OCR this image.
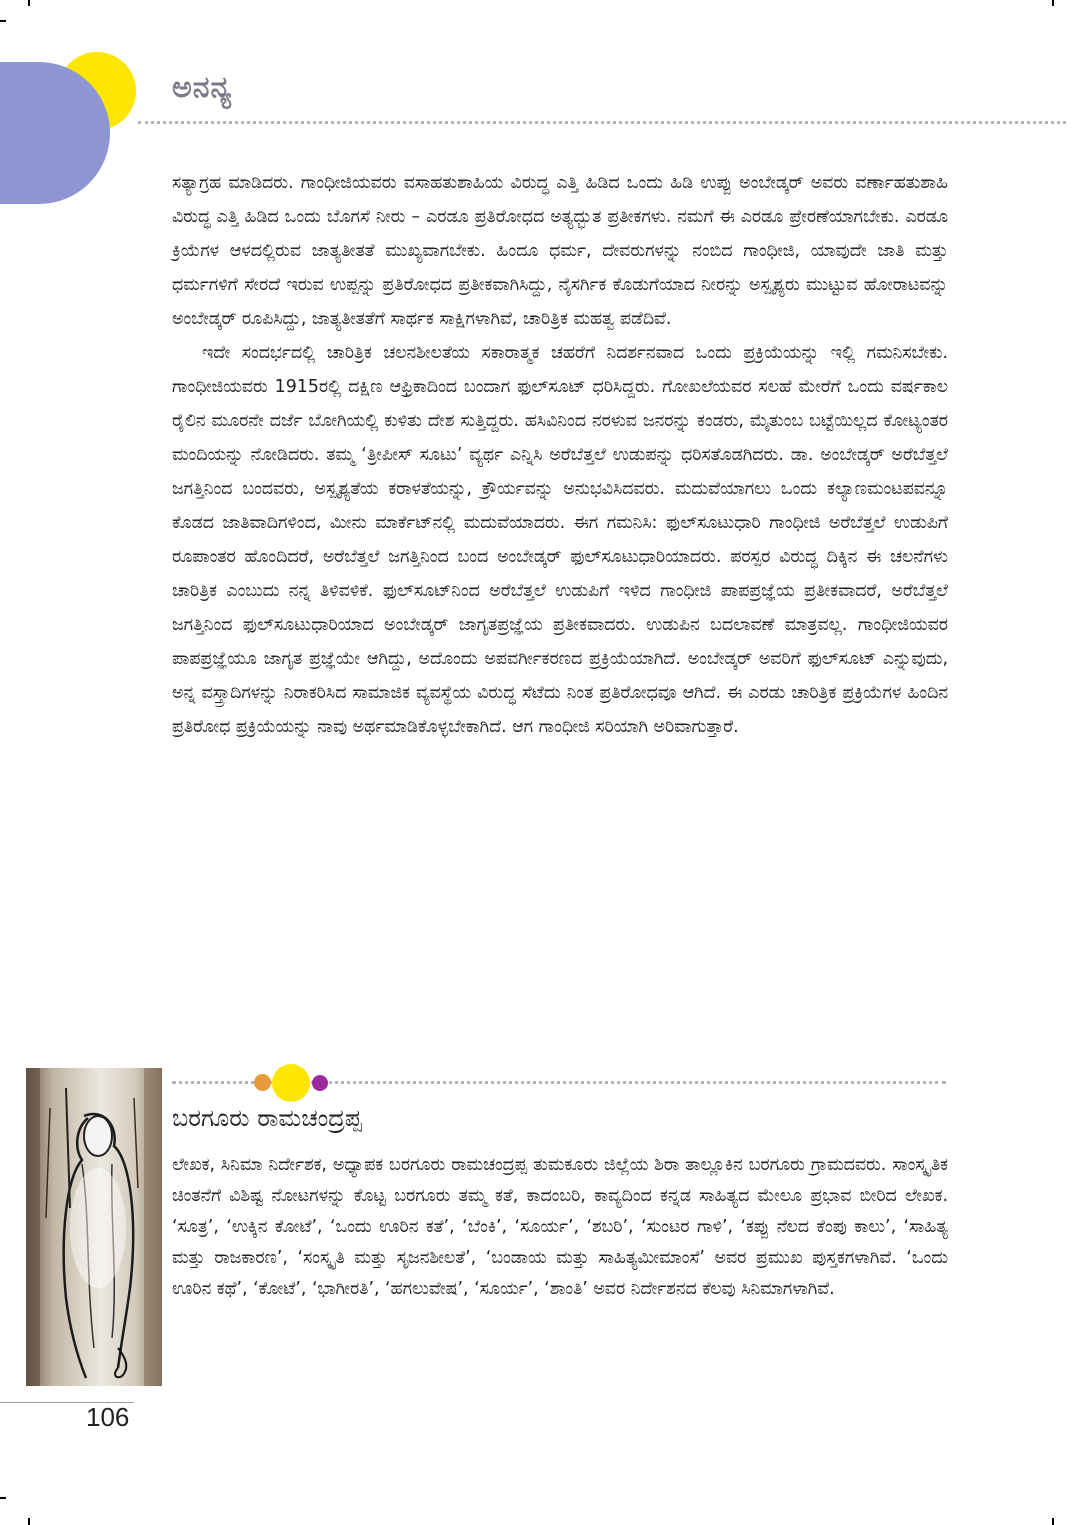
ಅನನ್ಯ

ಸತ್ಯಾಗ್ರಹ ಮಾಡಿದರು. ಗಾಂಧೀಜಿಯವರು ವಸಾಹತುಶಾಹಿಯ ವಿರುದ್ಧ ಎತ್ತಿ ಹಿಡಿದ ಒಂದು ಹಿಡಿ ಉಪ್ಪು ಅಂಬೇಡ್ಕರ್ ಅವರು ವರ್ಣಾಹತುಶಾಹಿ ವಿರುದ್ಧ ಎತ್ತಿ ಹಿಡಿದ ಒಂದು ಬೊಗಸೆ ನೀರು – ಎರಡೂ ಪ್ರತಿರೋಧದ ಅತ್ಯದ್ಭುತ ಪ್ರತೀಕಗಳು. ನಮಗೆ ಈ ಎರಡೂ ಪ್ರೇರಣೆಯಾಗಬೇಕು. ಎರಡೂ ಕ್ರಿಯೆಗಳ ಆಳದಲ್ಲಿರುವ ಜಾತ್ಯತೀತತೆ ಮುಖ್ಯವಾಗಬೇಕು. ಹಿಂದೂ ಧರ್ಮ, ದೇವರುಗಳನ್ನು ನಂಬಿದ ಗಾಂಧೀಜಿ, ಯಾವುದೇ ಜಾತಿ ಮತ್ತು ಧರ್ಮಗಳಿಗೆ ಸೇರದೆ ಇರುವ ಉಪ್ಪನ್ನು ಪ್ರತಿರೋಧದ ಪ್ರತೀಕವಾಗಿಸಿದ್ದು, ನೈಸರ್ಗಿಕ ಕೊಡುಗೆಯಾದ ನೀರನ್ನು ಅಸ್ಪೃಶ್ಯರು ಮುಟ್ಟುವ ಹೋರಾಟವನ್ನು ಅಂಬೇಡ್ಕರ್ ರೂಪಿಸಿದ್ದು, ಜಾತ್ಯತೀತತೆಗೆ ಸಾರ್ಥಕ ಸಾಕ್ಷಿಗಳಾಗಿವೆ, ಚಾರಿತ್ರಿಕ ಮಹತ್ವ ಪಡೆದಿವೆ.

ಇದೇ ಸಂದರ್ಭದಲ್ಲಿ ಚಾರಿತ್ರಿಕ ಚಲನಶೀಲತೆಯ ಸಕಾರಾತ್ಮಕ ಚಹರೆಗೆ ನಿದರ್ಶನವಾದ ಒಂದು ಪ್ರಕ್ರಿಯೆಯನ್ನು ಇಲ್ಲಿ ಗಮನಿಸಬೇಕು. ಗಾಂಧೀಜಿಯವರು 1915ರಲ್ಲಿ ದಕ್ಷಿಣ ಆಫ್ರಿಕಾದಿಂದ ಬಂದಾಗ ಫುಲ್‌ಸೂಟ್ ಧರಿಸಿದ್ದರು. ಗೋಖಲೆಯವರ ಸಲಹೆ ಮೇರೆಗೆ ಒಂದು ವರ್ಷಕಾಲ ರೈಲಿನ ಮೂರನೇ ದರ್ಜೆ ಬೋಗಿಯಲ್ಲಿ ಕುಳಿತು ದೇಶ ಸುತ್ತಿದ್ದರು. ಹಸಿವಿನಿಂದ ನರಳುವ ಜನರನ್ನು ಕಂಡರು, ಮೈತುಂಬ ಬಟ್ಟೆಯಿಲ್ಲದ ಕೋಟ್ಯಂತರ ಮಂದಿಯನ್ನು ನೋಡಿದರು. ತಮ್ಮ ‘ತ್ರೀಪೀಸ್ ಸೂಟು’ ವ್ಯರ್ಥ ಎನ್ನಿಸಿ ಅರೆಬೆತ್ತಲೆ ಉಡುಪನ್ನು ಧರಿಸತೊಡಗಿದರು. ಡಾ. ಅಂಬೇಡ್ಕರ್ ಅರೆಬೆತ್ತಲೆ ಜಗತ್ತಿನಿಂದ ಬಂದವರು, ಅಸ್ಪೃಶ್ಯತೆಯ ಕರಾಳತೆಯನ್ನು, ಕ್ರೌರ್ಯವನ್ನು ಅನುಭವಿಸಿದವರು. ಮದುವೆಯಾಗಲು ಒಂದು ಕಲ್ಯಾಣಮಂಟಪವನ್ನೂ ಕೊಡದ ಜಾತಿವಾದಿಗಳಿಂದ, ಮೀನು ಮಾರ್ಕೆಟ್‌ನಲ್ಲಿ ಮದುವೆಯಾದರು. ಈಗ ಗಮನಿಸಿ: ಫುಲ್‌ಸೂಟುಧಾರಿ ಗಾಂಧೀಜಿ ಅರೆಬೆತ್ತಲೆ ಉಡುಪಿಗೆ ರೂಪಾಂತರ ಹೊಂದಿದರೆ, ಅರೆಬೆತ್ತಲೆ ಜಗತ್ತಿನಿಂದ ಬಂದ ಅಂಬೇಡ್ಕರ್ ಫುಲ್‌ಸೂಟುಧಾರಿಯಾದರು. ಪರಸ್ಪರ ವಿರುದ್ಧ ದಿಕ್ಕಿನ ಈ ಚಲನೆಗಳು ಚಾರಿತ್ರಿಕ ಎಂಬುದು ನನ್ನ ತಿಳಿವಳಿಕೆ. ಫುಲ್‌ಸೂಟ್‌ನಿಂದ ಅರೆಬೆತ್ತಲೆ ಉಡುಪಿಗೆ ಇಳಿದ ಗಾಂಧೀಜಿ ಪಾಪಪ್ರಜ್ಞೆಯ ಪ್ರತೀಕವಾದರೆ, ಅರೆಬೆತ್ತಲೆ ಜಗತ್ತಿನಿಂದ ಫುಲ್‌ಸೂಟುಧಾರಿಯಾದ ಅಂಬೇಡ್ಕರ್ ಜಾಗೃತಪ್ರಜ್ಞೆಯ ಪ್ರತೀಕವಾದರು. ಉಡುಪಿನ ಬದಲಾವಣೆ ಮಾತ್ರವಲ್ಲ. ಗಾಂಧೀಜಿಯವರ ಪಾಪಪ್ರಜ್ಞೆಯೂ ಜಾಗೃತ ಪ್ರಜ್ಞೆಯೇ ಆಗಿದ್ದು, ಅದೊಂದು ಅಪವರ್ಗೀಕರಣದ ಪ್ರಕ್ರಿಯೆಯಾಗಿದೆ. ಅಂಬೇಡ್ಕರ್ ಅವರಿಗೆ ಫುಲ್‌ಸೂಟ್ ಎನ್ನುವುದು, ಅನ್ನ ವಸ್ತ್ರಾದಿಗಳನ್ನು ನಿರಾಕರಿಸಿದ ಸಾಮಾಜಿಕ ವ್ಯವಸ್ಥೆಯ ವಿರುದ್ಧ ಸೆಟೆದು ನಿಂತ ಪ್ರತಿರೋಧವೂ ಆಗಿದೆ. ಈ ಎರಡು ಚಾರಿತ್ರಿಕ ಪ್ರಕ್ರಿಯೆಗಳ ಹಿಂದಿನ ಪ್ರತಿರೋಧ ಪ್ರಕ್ರಿಯೆಯನ್ನು ನಾವು ಅರ್ಥಮಾಡಿಕೊಳ್ಳಬೇಕಾಗಿದೆ. ಆಗ ಗಾಂಧೀಜಿ ಸರಿಯಾಗಿ ಅರಿವಾಗುತ್ತಾರೆ.

ಬರಗೂರು ರಾಮಚಂದ್ರಪ್ಪ

ಲೇಖಕ, ಸಿನಿಮಾ ನಿರ್ದೇಶಕ, ಅಧ್ಯಾಪಕ ಬರಗೂರು ರಾಮಚಂದ್ರಪ್ಪ ತುಮಕೂರು ಜಿಲ್ಲೆಯ ಶಿರಾ ತಾಲ್ಲೂಕಿನ ಬರಗೂರು ಗ್ರಾಮದವರು. ಸಾಂಸ್ಕೃತಿಕ ಚಿಂತನೆಗೆ ವಿಶಿಷ್ಟ ನೋಟಗಳನ್ನು ಕೊಟ್ಟ ಬರಗೂರು ತಮ್ಮ ಕತೆ, ಕಾದಂಬರಿ, ಕಾವ್ಯದಿಂದ ಕನ್ನಡ ಸಾಹಿತ್ಯದ ಮೇಲೂ ಪ್ರಭಾವ ಬೀರಿದ ಲೇಖಕ. ‘ಸೂತ್ರ’, ‘ಉಕ್ಕಿನ ಕೋಟೆ’, ‘ಒಂದು ಊರಿನ ಕತೆ’, ‘ಬೆಂಕಿ’, ‘ಸೂರ್ಯ’, ‘ಶಬರಿ’, ‘ಸುಂಟರ ಗಾಳಿ’, ‘ಕಪ್ಪು ನೆಲದ ಕೆಂಪು ಕಾಲು’, ‘ಸಾಹಿತ್ಯ ಮತ್ತು ರಾಜಕಾರಣ’, ‘ಸಂಸ್ಕೃತಿ ಮತ್ತು ಸೃಜನಶೀಲತೆ’, ‘ಬಂಡಾಯ ಮತ್ತು ಸಾಹಿತ್ಯಮೀಮಾಂಸೆ’ ಅವರ ಪ್ರಮುಖ ಪುಸ್ತಕಗಳಾಗಿವೆ. ‘ಒಂದು ಊರಿನ ಕಥೆ’, ‘ಕೋಟೆ’, ‘ಭಾಗೀರತಿ’, ‘ಹಗಲುವೇಷ’, ‘ಸೂರ್ಯ’, ‘ಶಾಂತಿ’ ಅವರ ನಿರ್ದೇಶನದ ಕೆಲವು ಸಿನಿಮಾಗಳಾಗಿವೆ.

106
